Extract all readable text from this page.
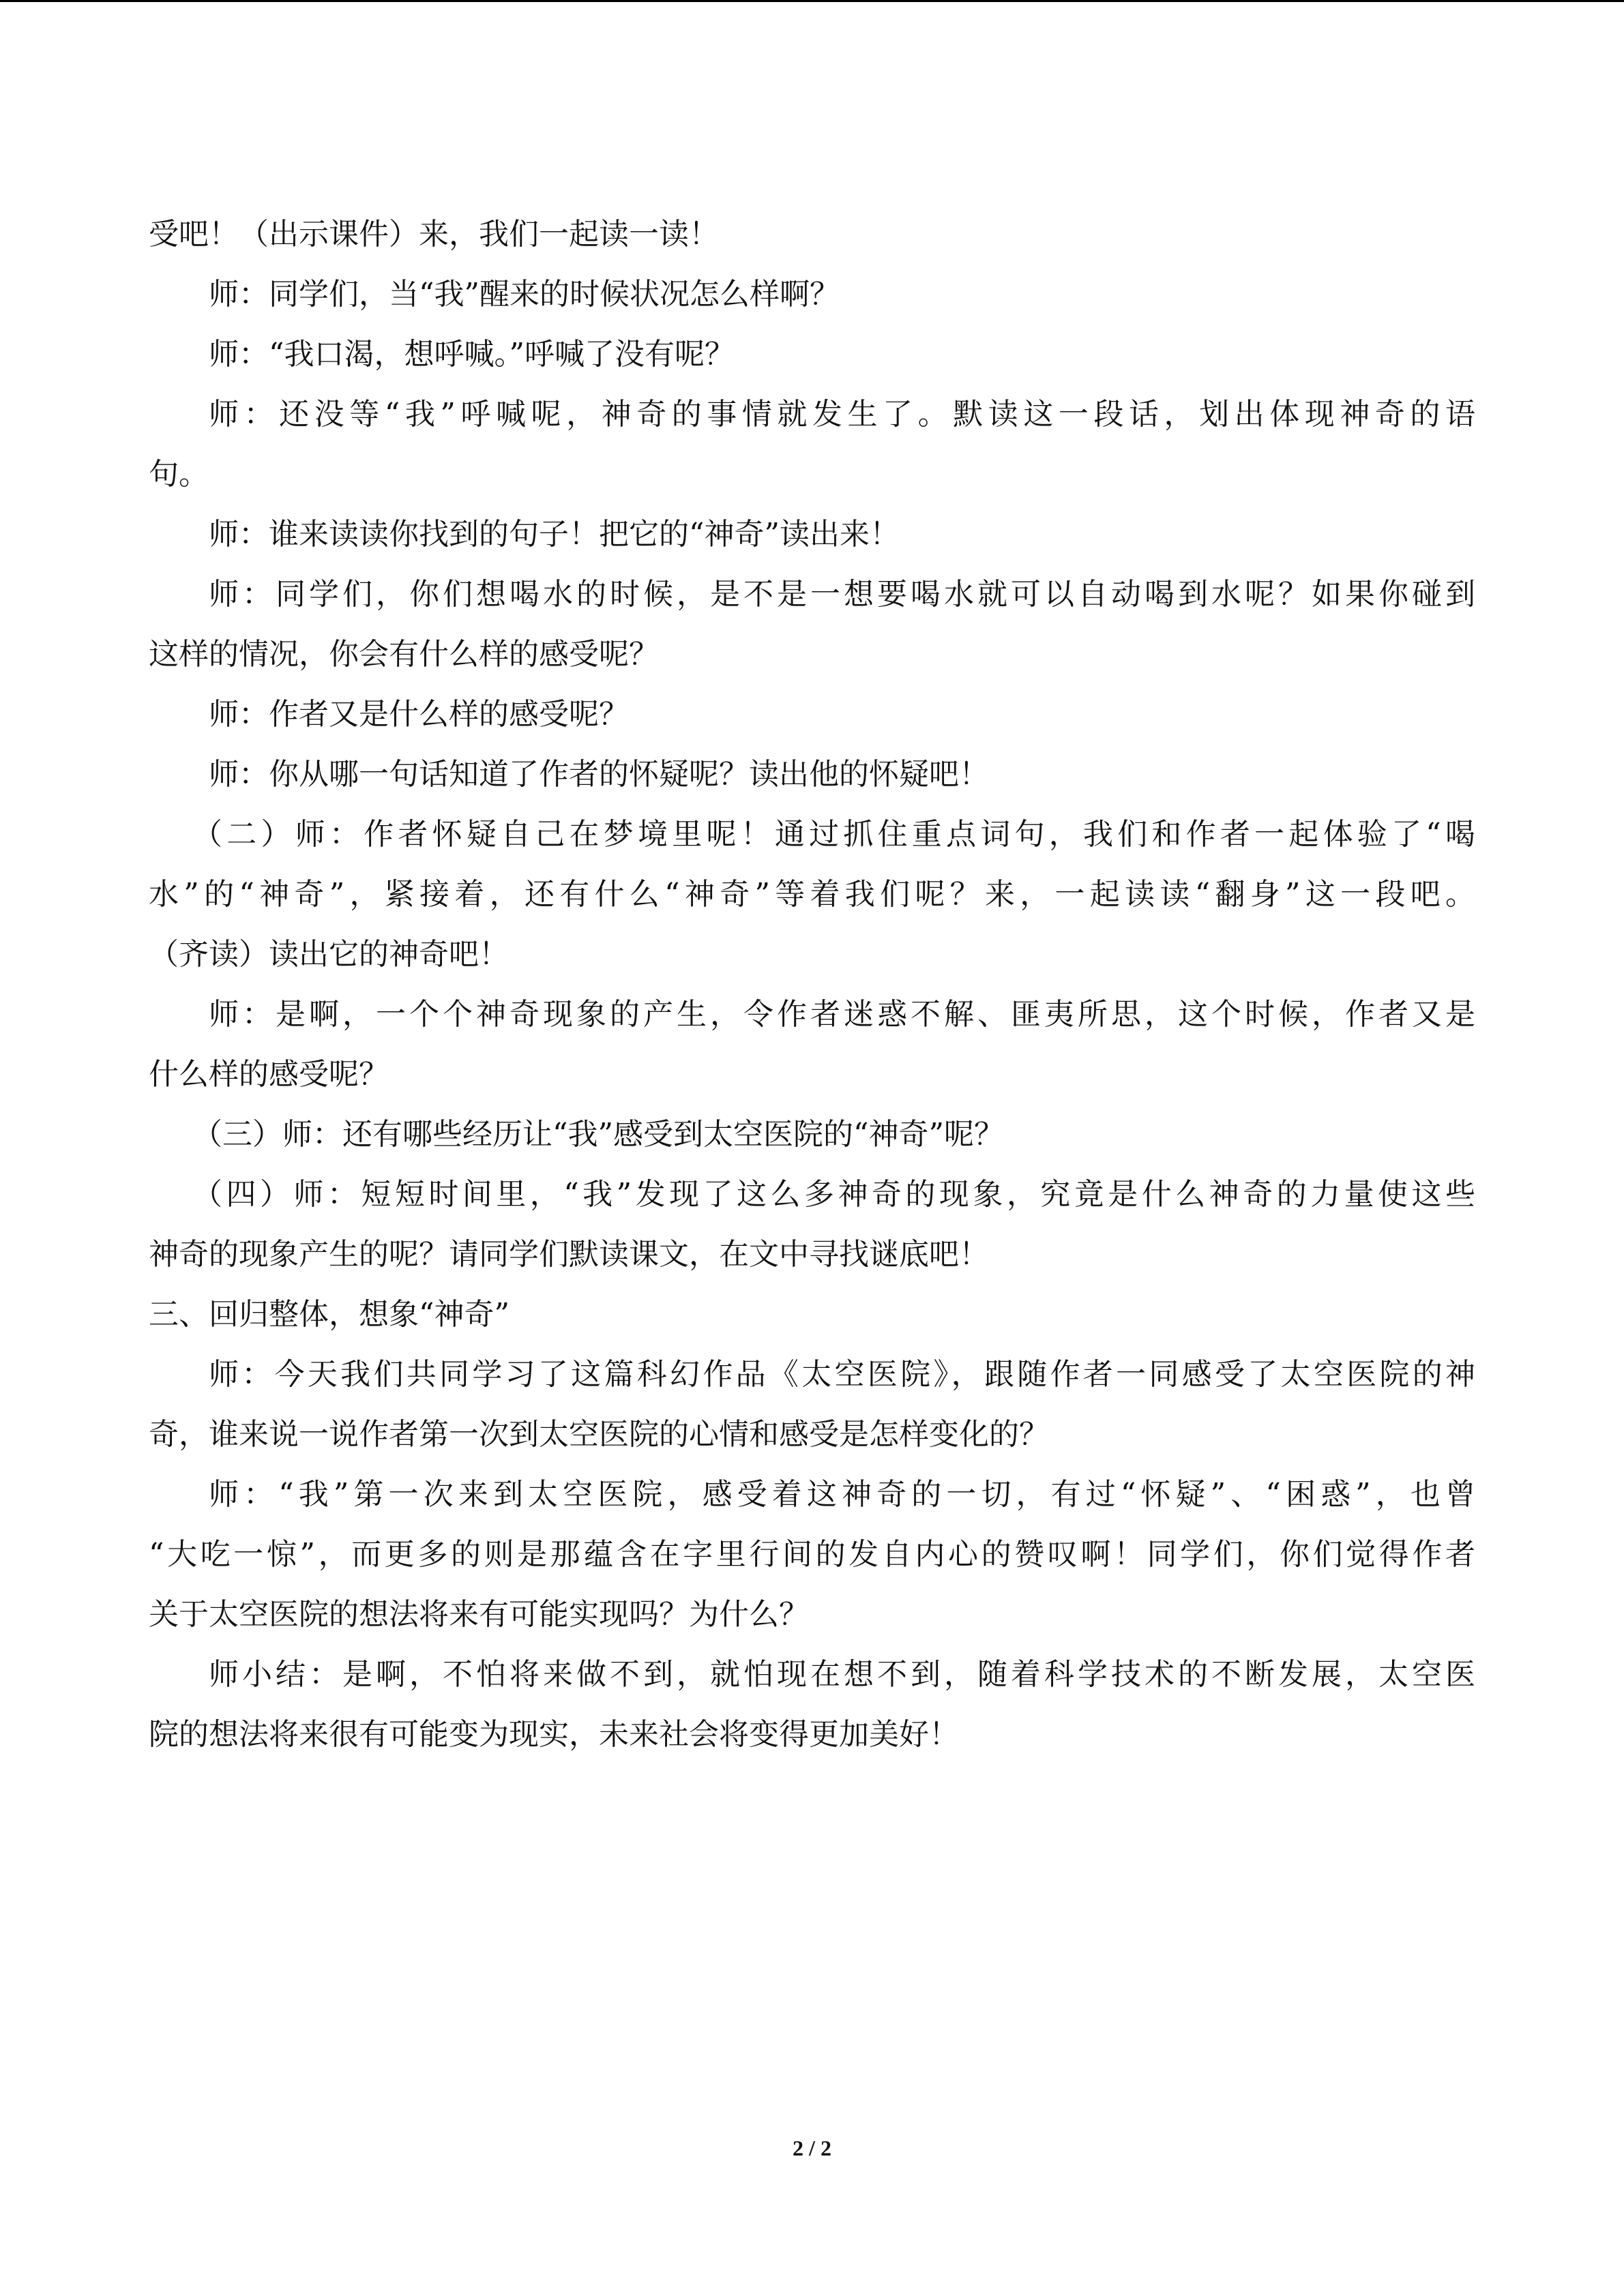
受吧！（出示课件）来，我们一起读一读！
师：同学们，当“我”醒来的时候状况怎么样啊？
师：“我口渴，想呼喊。”呼喊了没有呢？
师：还没等“我”呼喊呢，神奇的事情就发生了。默读这一段话，划出体现神奇的语
句。
师：谁来读读你找到的句子！把它的“神奇”读出来！
师：同学们，你们想喝水的时候，是不是一想要喝水就可以自动喝到水呢？如果你碰到
这样的情况，你会有什么样的感受呢？
师：作者又是什么样的感受呢？
师：你从哪一句话知道了作者的怀疑呢？读出他的怀疑吧！
（二）师：作者怀疑自己在梦境里呢！通过抓住重点词句，我们和作者一起体验了“喝
水”的“神奇”，紧接着，还有什么“神奇”等着我们呢？来，一起读读“翻身”这一段吧。
（齐读）读出它的神奇吧！
师：是啊，一个个神奇现象的产生，令作者迷惑不解、匪夷所思，这个时候，作者又是
什么样的感受呢？
（三）师：还有哪些经历让“我”感受到太空医院的“神奇”呢？
（四）师：短短时间里，“我”发现了这么多神奇的现象，究竟是什么神奇的力量使这些
神奇的现象产生的呢？请同学们默读课文，在文中寻找谜底吧！
三、回归整体，想象“神奇”
师：今天我们共同学习了这篇科幻作品《太空医院》，跟随作者一同感受了太空医院的神
奇，谁来说一说作者第一次到太空医院的心情和感受是怎样变化的？
师：“我”第一次来到太空医院，感受着这神奇的一切，有过“怀疑”、“困惑”，也曾
“大吃一惊”，而更多的则是那蕴含在字里行间的发自内心的赞叹啊！同学们，你们觉得作者
关于太空医院的想法将来有可能实现吗？为什么？
师小结：是啊，不怕将来做不到，就怕现在想不到，随着科学技术的不断发展，太空医
院的想法将来很有可能变为现实，未来社会将变得更加美好！
2 / 2
